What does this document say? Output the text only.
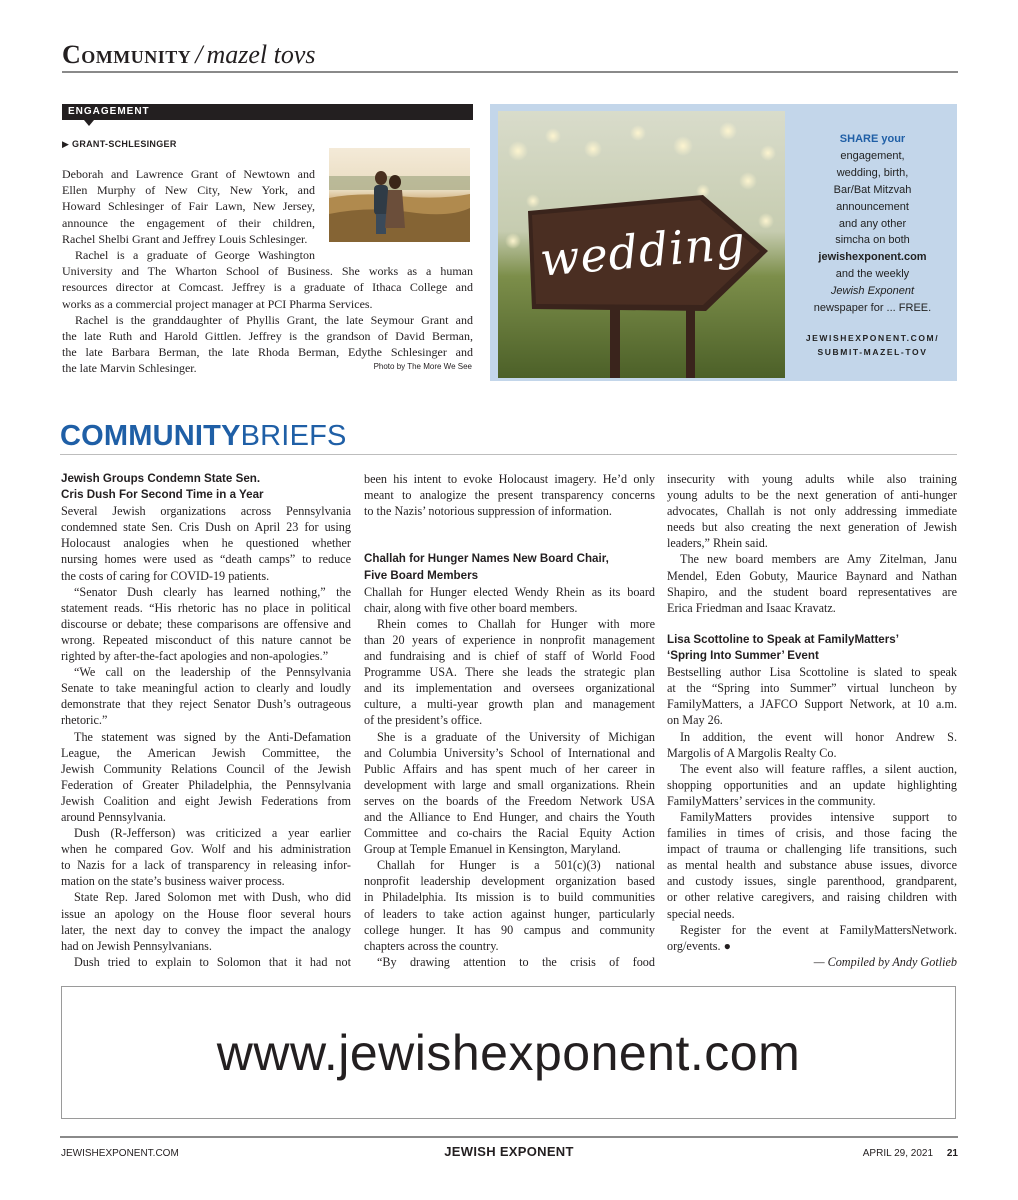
Community / mazel tovs
ENGAGEMENT
▶ GRANT-SCHLESINGER
Deborah and Lawrence Grant of Newtown and
Ellen Murphy of New City, New York, and
Howard Schlesinger of Fair Lawn, New Jersey,
announce the engagement of their children,
Rachel Shelbi Grant and Jeffrey Louis Schlesinger.
Rachel is a graduate of George Washington
University and The Wharton School of Business. She works as a human
resources director at Comcast. Jeffrey is a graduate of Ithaca College and
works as a commercial project manager at PCI Pharma Services.
Rachel is the granddaughter of Phyllis Grant, the late Seymour Grant and
the late Ruth and Harold Gittlen. Jeffrey is the grandson of David Berman,
the late Barbara Berman, the late Rhoda Berman, Edythe Schlesinger and
the late Marvin Schlesinger.	Photo by The More We See
wedding
SHARE your
engagement,
wedding, birth,
Bar/Bat Mitzvah
announcement
and any other
simcha on both
jewishexponent.com
and the weekly
Jewish Exponent
newspaper for ... FREE.
JEWISHEXPONENT.COM/
SUBMIT-MAZEL-TOV
COMMUNITYBRIEFS
Jewish Groups Condemn State Sen.
Cris Dush For Second Time in a Year
Several Jewish organizations across Pennsylvania
condemned state Sen. Cris Dush on April 23 for using
Holocaust analogies when he questioned whether
nursing homes were used as “death camps” to reduce
the costs of caring for COVID-19 patients.
“Senator Dush clearly has learned nothing,” the
statement reads. “His rhetoric has no place in political
discourse or debate; these comparisons are offensive and
wrong. Repeated misconduct of this nature cannot be
righted by after-the-fact apologies and non-apologies.”
“We call on the leadership of the Pennsylvania
Senate to take meaningful action to clearly and loudly
demonstrate that they reject Senator Dush’s outrageous
rhetoric.”
The statement was signed by the Anti-Defamation
League, the American Jewish Committee, the
Jewish Community Relations Council of the Jewish
Federation of Greater Philadelphia, the Pennsylvania
Jewish Coalition and eight Jewish Federations from
around Pennsylvania.
Dush (R-Jefferson) was criticized a year earlier
when he compared Gov. Wolf and his administration
to Nazis for a lack of transparency in releasing infor-
mation on the state’s business waiver process.
State Rep. Jared Solomon met with Dush, who did
issue an apology on the House floor several hours
later, the next day to convey the impact the analogy
had on Jewish Pennsylvanians.
Dush tried to explain to Solomon that it had not
been his intent to evoke Holocaust imagery. He’d only
meant to analogize the present transparency concerns
to the Nazis’ notorious suppression of information.
Challah for Hunger Names New Board Chair,
Five Board Members
Challah for Hunger elected Wendy Rhein as its board
chair, along with five other board members.
Rhein comes to Challah for Hunger with more
than 20 years of experience in nonprofit management
and fundraising and is chief of staff of World Food
Programme USA. There she leads the strategic plan
and its implementation and oversees organizational
culture, a multi-year growth plan and management
of the president’s office.
She is a graduate of the University of Michigan
and Columbia University’s School of International and
Public Affairs and has spent much of her career in
development with large and small organizations. Rhein
serves on the boards of the Freedom Network USA
and the Alliance to End Hunger, and chairs the Youth
Committee and co-chairs the Racial Equity Action
Group at Temple Emanuel in Kensington, Maryland.
Challah for Hunger is a 501(c)(3) national
nonprofit leadership development organization based
in Philadelphia. Its mission is to build communities
of leaders to take action against hunger, particularly
college hunger. It has 90 campus and community
chapters across the country.
“By drawing attention to the crisis of food
insecurity with young adults while also training
young adults to be the next generation of anti-hunger
advocates, Challah is not only addressing immediate
needs but also creating the next generation of Jewish
leaders,” Rhein said.
The new board members are Amy Zitelman, Janu
Mendel, Eden Gobuty, Maurice Baynard and Nathan
Shapiro, and the student board representatives are
Erica Friedman and Isaac Kravatz.
Lisa Scottoline to Speak at FamilyMatters’
‘Spring Into Summer’ Event
Bestselling author Lisa Scottoline is slated to speak
at the “Spring into Summer” virtual luncheon by
FamilyMatters, a JAFCO Support Network, at 10 a.m.
on May 26.
In addition, the event will honor Andrew S.
Margolis of A Margolis Realty Co.
The event also will feature raffles, a silent auction,
shopping opportunities and an update highlighting
FamilyMatters’ services in the community.
FamilyMatters provides intensive support to
families in times of crisis, and those facing the
impact of trauma or challenging life transitions, such
as mental health and substance abuse issues, divorce
and custody issues, single parenthood, grandparent,
or other relative caregivers, and raising children with
special needs.
Register for the event at FamilyMattersNetwork.
org/events. ●
— Compiled by Andy Gotlieb
www.jewishexponent.com
JEWISHEXPONENT.COM	JEWISH EXPONENT	APRIL 29, 2021 21
